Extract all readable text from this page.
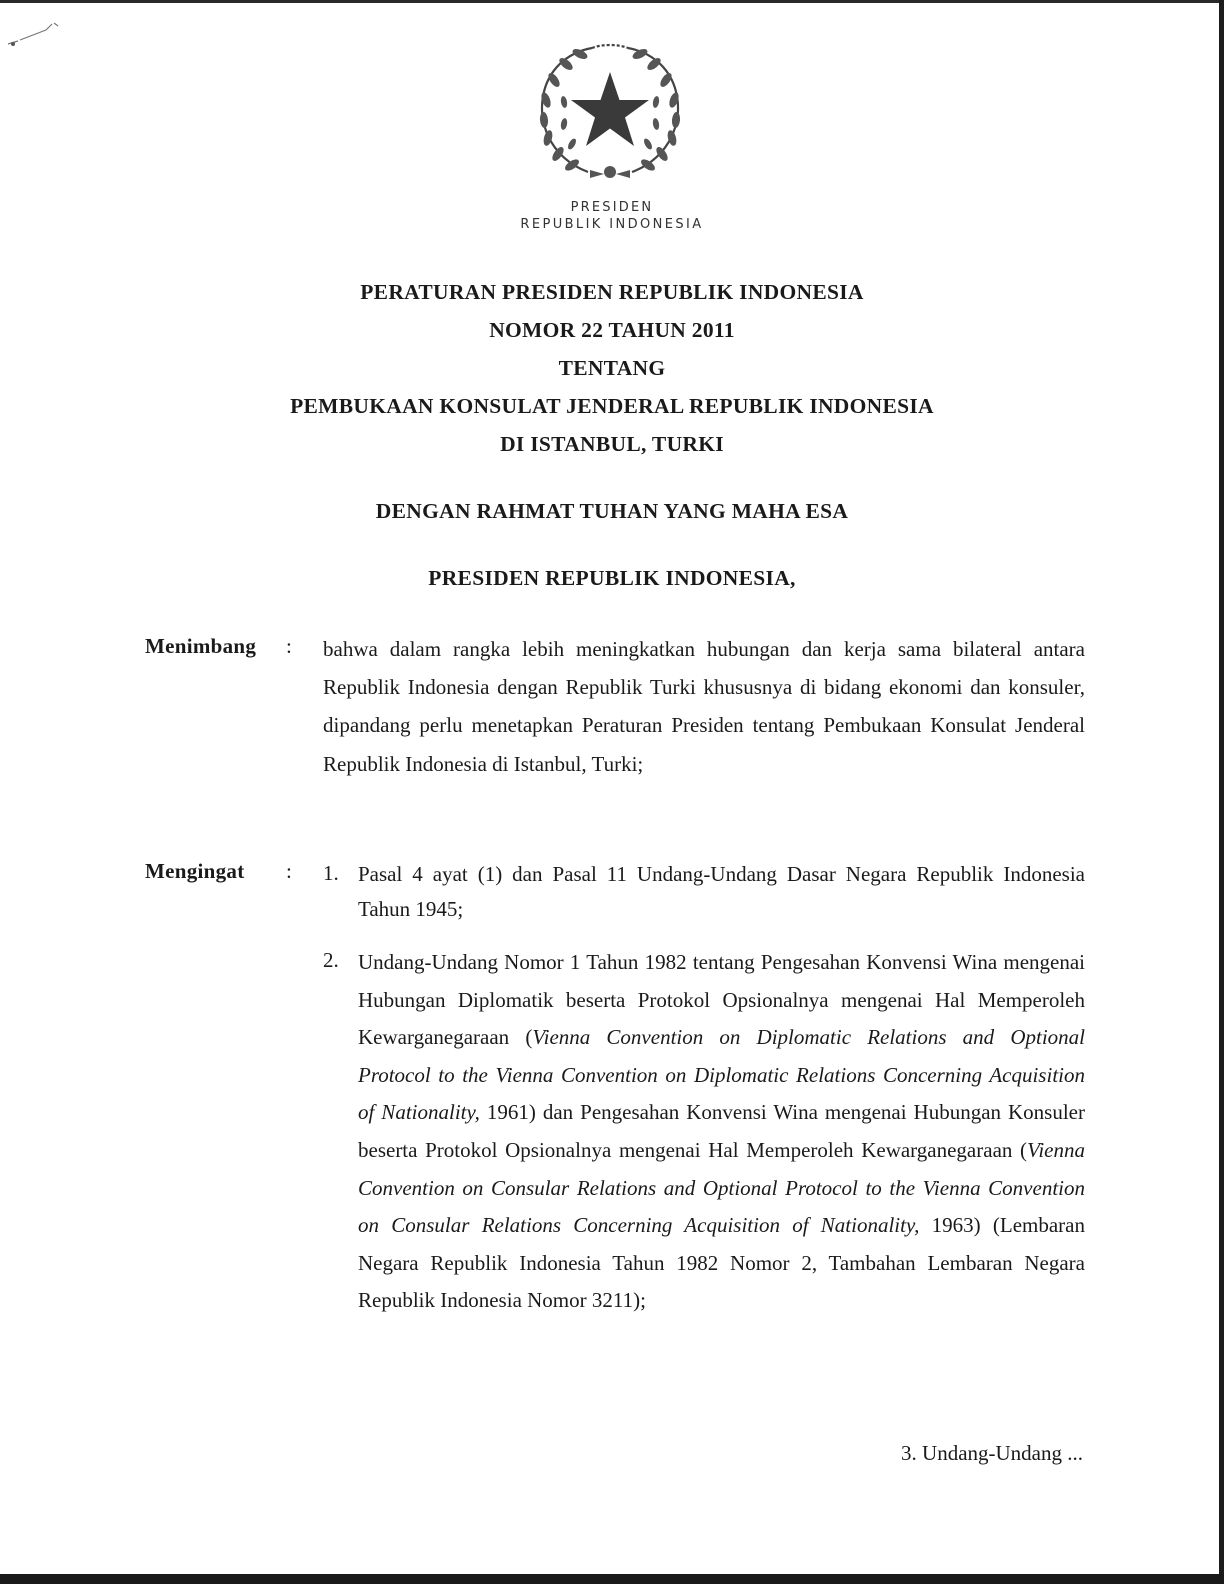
PRESIDEN
REPUBLIK INDONESIA
PERATURAN PRESIDEN REPUBLIK INDONESIA
NOMOR 22 TAHUN 2011
TENTANG
PEMBUKAAN KONSULAT JENDERAL REPUBLIK INDONESIA
DI ISTANBUL, TURKI
DENGAN RAHMAT TUHAN YANG MAHA ESA
PRESIDEN REPUBLIK INDONESIA,
Menimbang : bahwa dalam rangka lebih meningkatkan hubungan dan kerja sama bilateral antara Republik Indonesia dengan Republik Turki khususnya di bidang ekonomi dan konsuler, dipandang perlu menetapkan Peraturan Presiden tentang Pembukaan Konsulat Jenderal Republik Indonesia di Istanbul, Turki;
Mengingat : 1. Pasal 4 ayat (1) dan Pasal 11 Undang-Undang Dasar Negara Republik Indonesia Tahun 1945;
2. Undang-Undang Nomor 1 Tahun 1982 tentang Pengesahan Konvensi Wina mengenai Hubungan Diplomatik beserta Protokol Opsionalnya mengenai Hal Memperoleh Kewarganegaraan (Vienna Convention on Diplomatic Relations and Optional Protocol to the Vienna Convention on Diplomatic Relations Concerning Acquisition of Nationality, 1961) dan Pengesahan Konvensi Wina mengenai Hubungan Konsuler beserta Protokol Opsionalnya mengenai Hal Memperoleh Kewarganegaraan (Vienna Convention on Consular Relations and Optional Protocol to the Vienna Convention on Consular Relations Concerning Acquisition of Nationality, 1963) (Lembaran Negara Republik Indonesia Tahun 1982 Nomor 2, Tambahan Lembaran Negara Republik Indonesia Nomor 3211);
3. Undang-Undang ...
